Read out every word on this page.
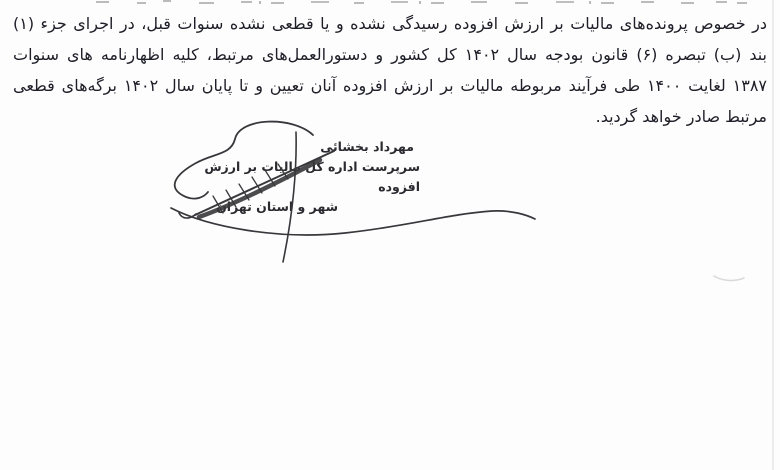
در خصوص پرونده‌های مالیات بر ارزش افزوده رسیدگی نشده و یا قطعی نشده سنوات قبل، در اجرای جزء (۱)
بند (ب) تبصره (۶) قانون بودجه سال ۱۴۰۲ کل کشور و دستورالعمل‌های مرتبط، کلیه اظهارنامه های سنوات
۱۳۸۷ لغایت ۱۴۰۰ طی فرآیند مربوطه مالیات بر ارزش افزوده آنان تعیین و تا پایان سال ۱۴۰۲ برگه‌های قطعی
مرتبط صادر خواهد گردید.
مهرداد بخشائی
سرپرست اداره کل مالیات بر ارزش افزوده
شهر و استان تهران
